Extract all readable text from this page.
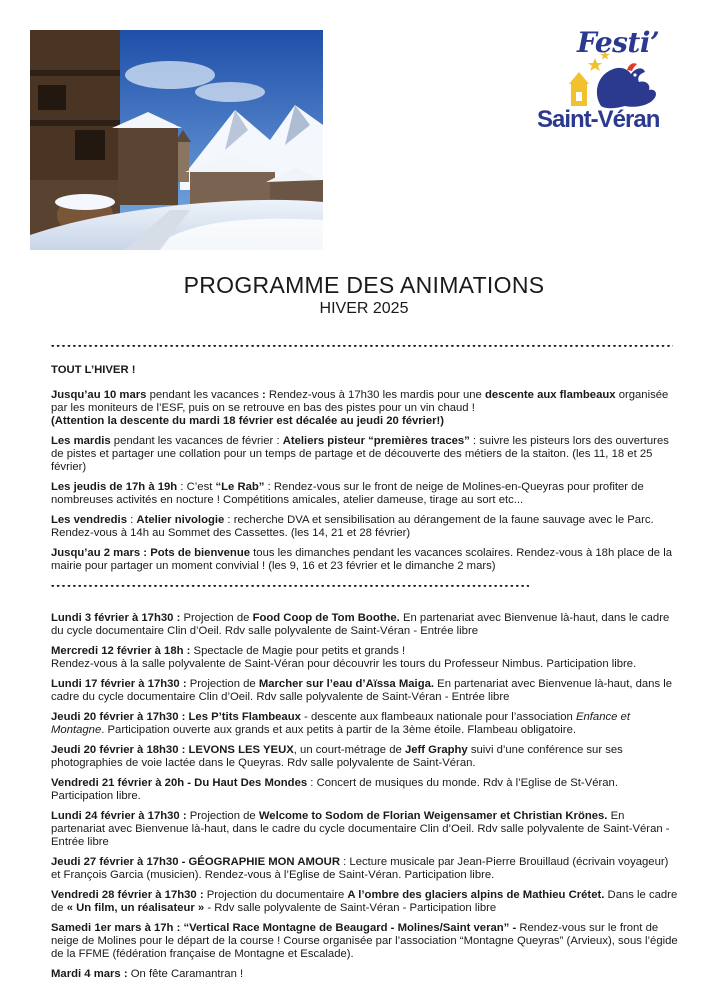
Festi’
Saint-Véran
PROGRAMME DES ANIMATIONS
HIVER 2025
•••••
TOUT L’HIVER !
Jusqu’au 10 mars pendant les vacances : Rendez-vous à 17h30 les mardis pour une descente aux flambeaux organisée par les moniteurs de l’ESF, puis on se retrouve en bas des pistes pour un vin chaud !
(Attention la descente du mardi 18 février est décalée au jeudi 20 février!)
Les mardis pendant les vacances de février : Ateliers pisteur “premières traces” : suivre les pisteurs lors des ouvertures de pistes et partager une collation pour un temps de partage et de découverte des métiers de la staiton. (les 11, 18 et 25 février)
Les jeudis de 17h à 19h : C’est “Le Rab” : Rendez-vous sur le front de neige de Molines-en-Queyras pour profiter de nombreuses activités en nocture ! Compétitions amicales, atelier dameuse, tirage au sort etc...
Les vendredis : Atelier nivologie : recherche DVA et sensibilisation au dérangement de la faune sauvage avec le Parc. Rendez-vous à 14h au Sommet des Cassettes. (les 14, 21 et 28 février)
Jusqu’au 2 mars : Pots de bienvenue tous les dimanches pendant les vacances scolaires. Rendez-vous à 18h place de la mairie pour partager un moment convivial ! (les 9, 16 et 23 février et le dimanche 2 mars)
•••••
Lundi 3 février à 17h30 : Projection de Food Coop de Tom Boothe. En partenariat avec Bienvenue là-haut, dans le cadre du cycle documentaire Clin d’Oeil. Rdv salle polyvalente de Saint-Véran - Entrée libre
Mercredi 12 février à 18h : Spectacle de Magie pour petits et grands !
Rendez-vous à la salle polyvalente de Saint-Véran pour découvrir les tours du Professeur Nimbus. Participation libre.
Lundi 17 février à 17h30 : Projection de Marcher sur l’eau d’Aïssa Maiga. En partenariat avec Bienvenue là-haut, dans le cadre du cycle documentaire Clin d’Oeil. Rdv salle polyvalente de Saint-Véran - Entrée libre
Jeudi 20 février à 17h30 : Les P’tits Flambeaux - descente aux flambeaux nationale pour l’association Enfance et Montagne. Participation ouverte aux grands et aux petits à partir de la 3ème étoile. Flambeau obligatoire.
Jeudi 20 février à 18h30 : LEVONS LES YEUX, un court-métrage de Jeff Graphy suivi d’une conférence sur ses photographies de voie lactée dans le Queyras. Rdv salle polyvalente de Saint-Véran.
Vendredi 21 février à 20h - Du Haut Des Mondes : Concert de musiques du monde. Rdv à l’Eglise de St-Véran. Participation libre.
Lundi 24 février à 17h30 : Projection de Welcome to Sodom de Florian Weigensamer et Christian Krönes. En partenariat avec Bienvenue là-haut, dans le cadre du cycle documentaire Clin d’Oeil. Rdv salle polyvalente de Saint-Véran - Entrée libre
Jeudi 27 février à 17h30 - GÉOGRAPHIE MON AMOUR : Lecture musicale par Jean-Pierre Brouillaud (écrivain voyageur) et François Garcia (musicien). Rendez-vous à l’Eglise de Saint-Véran. Participation libre.
Vendredi 28 février à 17h30 : Projection du documentaire A l’ombre des glaciers alpins de Mathieu Crétet. Dans le cadre de « Un film, un réalisateur » - Rdv salle polyvalente de Saint-Véran - Participation libre
Samedi 1er mars à 17h : “Vertical Race Montagne de Beaugard - Molines/Saint veran” - Rendez-vous sur le front de neige de Molines pour le départ de la course ! Course organisée par l’association “Montagne Queyras” (Arvieux), sous l’égide de la FFME (fédération française de Montagne et Escalade).
Mardi 4 mars : On fête Caramantran !
